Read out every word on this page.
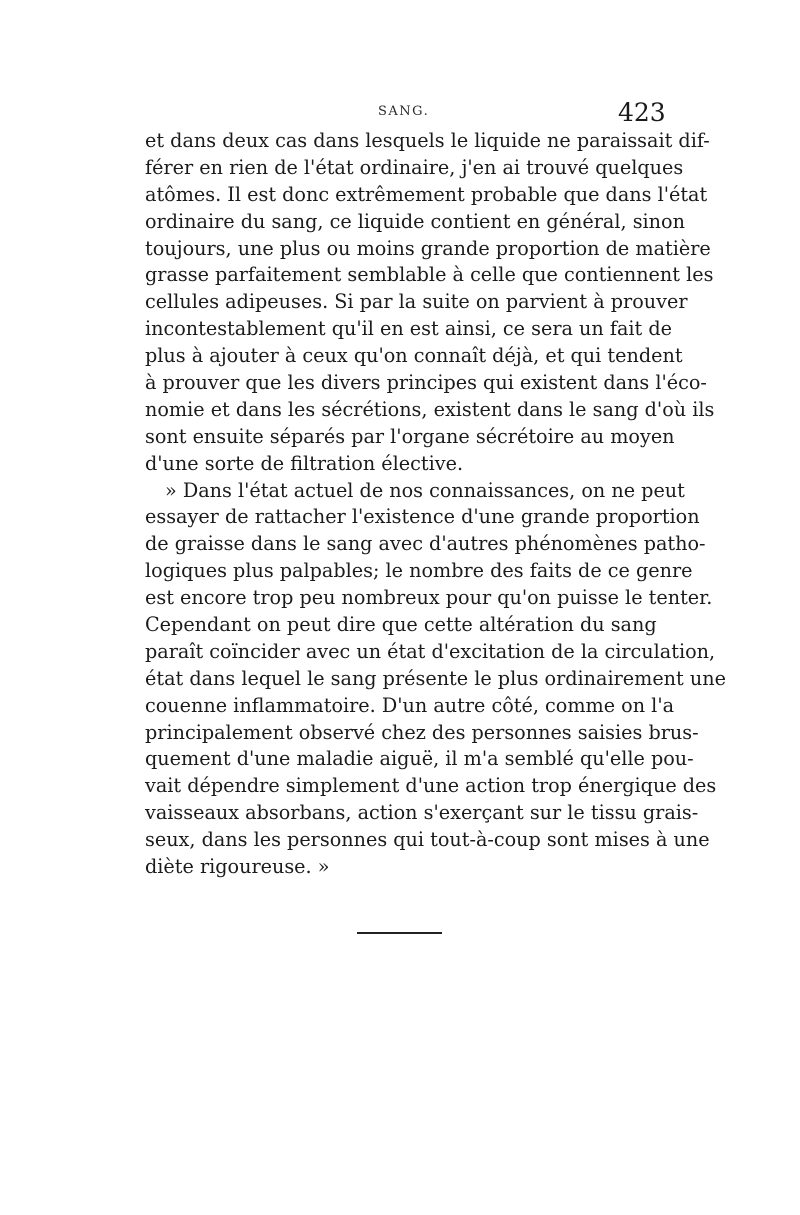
SANG.	423
et dans deux cas dans lesquels le liquide ne paraissait dif-
férer en rien de l'état ordinaire, j'en ai trouvé quelques
atômes. Il est donc extrêmement probable que dans l'état
ordinaire du sang, ce liquide contient en général, sinon
toujours, une plus ou moins grande proportion de matière
grasse parfaitement semblable à celle que contiennent les
cellules adipeuses. Si par la suite on parvient à prouver
incontestablement qu'il en est ainsi, ce sera un fait de
plus à ajouter à ceux qu'on connaît déjà, et qui tendent
à prouver que les divers principes qui existent dans l'éco-
nomie et dans les sécrétions, existent dans le sang d'où ils
sont ensuite séparés par l'organe sécrétoire au moyen
d'une sorte de filtration élective.
» Dans l'état actuel de nos connaissances, on ne peut
essayer de rattacher l'existence d'une grande proportion
de graisse dans le sang avec d'autres phénomènes patho-
logiques plus palpables; le nombre des faits de ce genre
est encore trop peu nombreux pour qu'on puisse le tenter.
Cependant on peut dire que cette altération du sang
paraît coïncider avec un état d'excitation de la circulation,
état dans lequel le sang présente le plus ordinairement une
couenne inflammatoire. D'un autre côté, comme on l'a
principalement observé chez des personnes saisies brus-
quement d'une maladie aiguë, il m'a semblé qu'elle pou-
vait dépendre simplement d'une action trop énergique des
vaisseaux absorbans, action s'exerçant sur le tissu grais-
seux, dans les personnes qui tout-à-coup sont mises à une
diète rigoureuse. »
